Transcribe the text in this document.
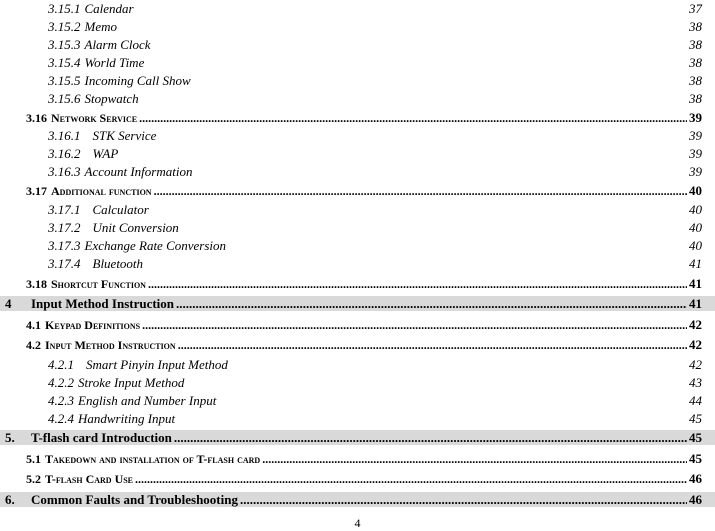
3.15.1 Calendar	37
3.15.2 Memo	38
3.15.3 Alarm Clock	38
3.15.4 World Time	38
3.15.5 Incoming Call Show	38
3.15.6 Stopwatch	38
3.16 Network Service .....	39
3.16.1 STK Service	39
3.16.2 WAP	39
3.16.3 Account Information	39
3.17 Additional function .....	40
3.17.1 Calculator	40
3.17.2 Unit Conversion	40
3.17.3 Exchange Rate Conversion	40
3.17.4 Bluetooth	41
3.18 Shortcut Function .....	41
4 Input Method Instruction .....	41
4.1 Keypad Definitions .....	42
4.2 Input Method Instruction .....	42
4.2.1 Smart Pinyin Input Method	42
4.2.2 Stroke Input Method	43
4.2.3 English and Number Input	44
4.2.4 Handwriting Input	45
5. T-flash card Introduction .....	45
5.1 Takedown and installation of T-flash card .....	45
5.2 T-flash Card Use .....	46
6. Common Faults and Troubleshooting .....	46
4
